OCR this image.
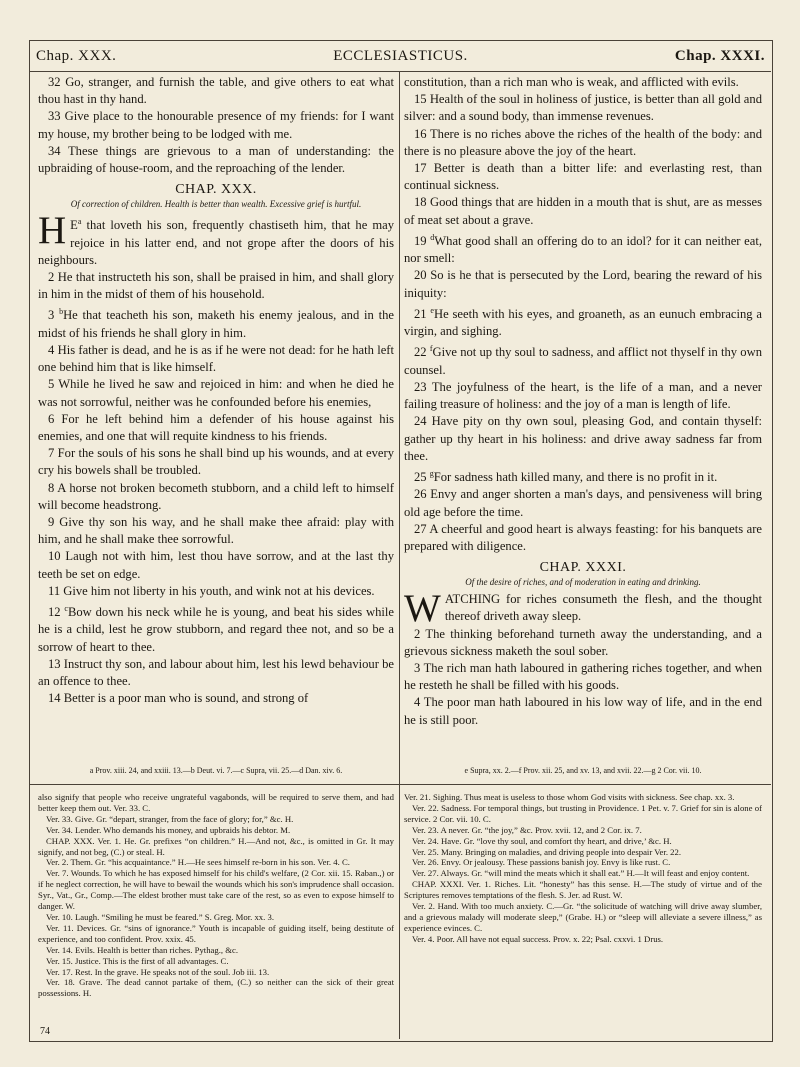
Chap. XXX.	ECCLESIASTICUS.	Chap. XXXI.

32 Go, stranger, and furnish the table, and give others to eat what thou hast in thy hand.

33 Give place to the honourable presence of my friends: for I want my house, my brother being to be lodged with me.

34 These things are grievous to a man of understanding: the upbraiding of house-room, and the reproaching of the lender.

CHAP. XXX.
Of correction of children. Health is better than wealth. Excessive grief is hurtful.

H $E^a$ that loveth his son, frequently chastiseth him, that he may rejoice in his latter end, and not grope after the doors of his neighbours.

2 He that instructeth his son, shall be praised in him, and shall glory in him in the midst of them of his household.

3 $^b$He that teacheth his son, maketh his enemy jealous, and in the midst of his friends he shall glory in him.

4 His father is dead, and he is as if he were not dead: for he hath left one behind him that is like himself.

5 While he lived he saw and rejoiced in him: and when he died he was not sorrowful, neither was he confounded before his enemies,

6 For he left behind him a defender of his house against his enemies, and one that will requite kindness to his friends.

7 For the souls of his sons he shall bind up his wounds, and at every cry his bowels shall be troubled.

8 A horse not broken becometh stubborn, and a child left to himself will become headstrong.

9 Give thy son his way, and he shall make thee afraid: play with him, and he shall make thee sorrowful.

10 Laugh not with him, lest thou have sorrow, and at the last thy teeth be set on edge.

11 Give him not liberty in his youth, and wink not at his devices.

12 $^c$Bow down his neck while he is young, and beat his sides while he is a child, lest he grow stubborn, and regard thee not, and so be a sorrow of heart to thee.

13 Instruct thy son, and labour about him, lest his lewd behaviour be an offence to thee.

14 Better is a poor man who is sound, and strong of

a Prov. xiii. 24, and xxiii. 13.—b Deut. vi. 7.—c Supra, vii. 25.—d Dan. xiv. 6.

constitution, than a rich man who is weak, and afflicted with evils.

15 Health of the soul in holiness of justice, is better than all gold and silver: and a sound body, than immense revenues.

16 There is no riches above the riches of the health of the body: and there is no pleasure above the joy of the heart.

17 Better is death than a bitter life: and everlasting rest, than continual sickness.

18 Good things that are hidden in a mouth that is shut, are as messes of meat set about a grave.

19 $^d$What good shall an offering do to an idol? for it can neither eat, nor smell:

20 So is he that is persecuted by the Lord, bearing the reward of his iniquity:

21 $^e$He seeth with his eyes, and groaneth, as an eunuch embracing a virgin, and sighing.

22 $^f$Give not up thy soul to sadness, and afflict not thyself in thy own counsel.

23 The joyfulness of the heart, is the life of a man, and a never failing treasure of holiness: and the joy of a man is length of life.

24 Have pity on thy own soul, pleasing God, and contain thyself: gather up thy heart in his holiness: and drive away sadness far from thee.

25 $^g$For sadness hath killed many, and there is no profit in it.

26 Envy and anger shorten a man's days, and pensiveness will bring old age before the time.

27 A cheerful and good heart is always feasting: for his banquets are prepared with diligence.

CHAP. XXXI.
Of the desire of riches, and of moderation in eating and drinking.

WATCHING for riches consumeth the flesh, and the thought thereof driveth away sleep.

2 The thinking beforehand turneth away the understanding, and a grievous sickness maketh the soul sober.

3 The rich man hath laboured in gathering riches together, and when he resteth he shall be filled with his goods.

4 The poor man hath laboured in his low way of life, and in the end he is still poor.

e Supra, xx. 2.—f Prov. xii. 25, and xv. 13, and xvii. 22.—g 2 Cor. vii. 10.

also signify that people who receive ungrateful vagabonds, will be required to serve them, and had better keep them out. Ver. 33. C.

Ver. 33. Give. Gr. “depart, stranger, from the face of glory; for,” &c. H.

Ver. 34. Lender. Who demands his money, and upbraids his debtor. M.

CHAP. XXX. Ver. 1. He. Gr. prefixes “on children.” H.—And not, &c., is omitted in Gr. It may signify, and not beg, (C.) or steal. H.

Ver. 2. Them. Gr. “his acquaintance.” H.—He sees himself re-born in his son. Ver. 4. C.

Ver. 7. Wounds. To which he has exposed himself for his child's welfare, (2 Cor. xii. 15. Raban.,) or if he neglect correction, he will have to bewail the wounds which his son's imprudence shall occasion. Syr., Vat., Gr., Comp.—The eldest brother must take care of the rest, so as even to expose himself to danger. W.

Ver. 10. Laugh. “Smiling he must be feared.” S. Greg. Mor. xx. 3.

Ver. 11. Devices. Gr. “sins of ignorance.” Youth is incapable of guiding itself, being destitute of experience, and too confident. Prov. xxix. 45.

Ver. 14. Evils. Health is better than riches. Pythag., &c.

Ver. 15. Justice. This is the first of all advantages. C.

Ver. 17. Rest. In the grave. He speaks not of the soul. Job iii. 13.

Ver. 18. Grave. The dead cannot partake of them, (C.) so neither can the sick of their great possessions. H.

Ver. 21. Sighing. Thus meat is useless to those whom God visits with sickness. See chap. xx. 3.

Ver. 22. Sadness. For temporal things, but trusting in Providence. 1 Pet. v. 7. Grief for sin is alone of service. 2 Cor. vii. 10. C.

Ver. 23. A never. Gr. “the joy,” &c. Prov. xvii. 12, and 2 Cor. ix. 7.

Ver. 24. Have. Gr. “love thy soul, and comfort thy heart, and drive,’ &c. H.

Ver. 25. Many. Bringing on maladies, and driving people into despair Ver. 22.

Ver. 26. Envy. Or jealousy. These passions banish joy. Envy is like rust. C.

Ver. 27. Always. Gr. “will mind the meats which it shall eat.” H.—It will feast and enjoy content.

CHAP. XXXI. Ver. 1. Riches. Lit. “honesty” has this sense. H.—The study of virtue and of the Scriptures removes temptations of the flesh. S. Jer. ad Rust. W.

Ver. 2. Hand. With too much anxiety. C.—Gr. “the solicitude of watching will drive away slumber, and a grievous malady will moderate sleep,” (Grabe. H.) or “sleep will alleviate a severe illness,” as experience evinces. C.

Ver. 4. Poor. All have not equal success. Prov. x. 22; Psal. cxxvi. 1 Drus.

74
